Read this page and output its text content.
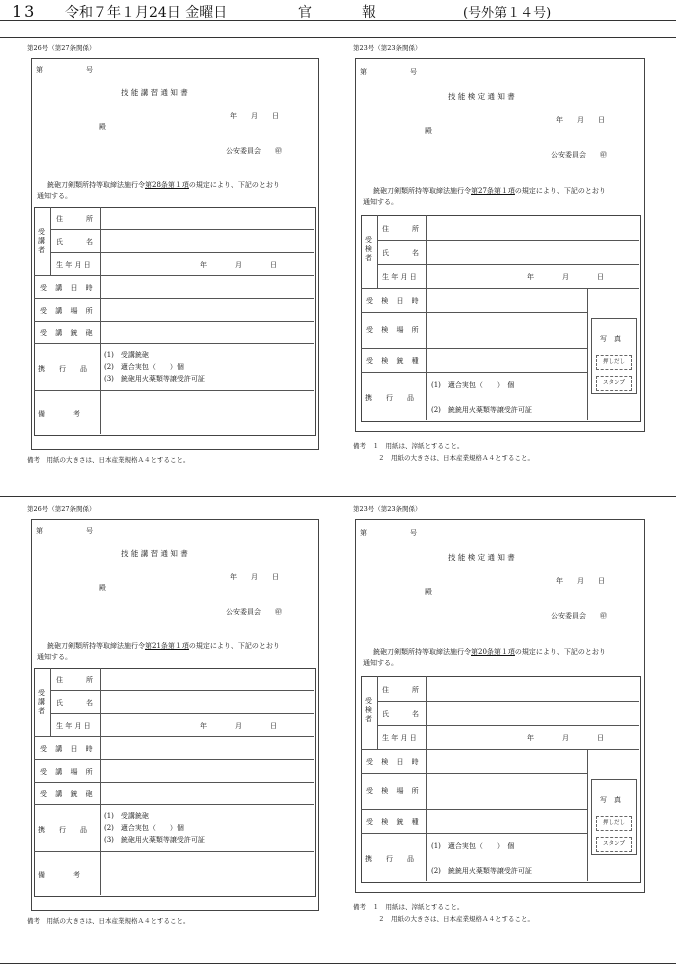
13 令和７年１月24日 金曜日	官	報	(号外第１４号)
第26号（第27条関係）
第	号
技 能 講 習 通 知 書
年　　月　　日
殿
公安委員会　　㊞
銃砲刀剣類所持等取締法施行令第28条第１項の規定により、下記のとおり
通知する。
受講者
住　　所
氏　　名
生 年 月 日	年　　　　月　　　　日
受 講 日 時
受 講 場 所
受 講 銃 砲
携　　行　　品
(1)　受講銃砲
(2)　適合実包（　　）個
(3)　銃砲用火薬類等譲受許可証
備　　　　考
備考　用紙の大きさは、日本産業規格Ａ４とすること。
第23号（第23条関係）
第	号
技 能 検 定 通 知 書
年　　月　　日
殿
公安委員会　　㊞
銃砲刀剣類所持等取締法施行令第27条第１項の規定により、下記のとおり
通知する。
写　真
押しだし
スタンプ
受検者
住　　所
氏　　名
生 年 月 日	年　　　　月　　　　日
受 検 日 時
受 検 場 所
受 検 銃 種
携　　行　　品
(1)　適合実包（　　）　個
(2)　銃銃用火薬類等譲受許可証
備考　１　用紙は、滓紙とすること。
２　用紙の大きさは、日本産業規格Ａ４とすること。
第26号（第27条関係）
第	号
技 能 講 習 通 知 書
年　　月　　日
殿
公安委員会　　㊞
銃砲刀剣類所持等取締法施行令第21条第１項の規定により、下記のとおり
通知する。
受講者
住　　所
氏　　名
生 年 月 日	年　　　　月　　　　日
受 講 日 時
受 講 場 所
受 講 銃 砲
携　　行　　品
(1)　受講銃砲
(2)　適合実包（　　）個
(3)　銃砲用火薬類等譲受許可証
備　　　　考
備考　用紙の大きさは、日本産業規格Ａ４とすること。
第23号（第23条関係）
第	号
技 能 検 定 通 知 書
年　　月　　日
殿
公安委員会　　㊞
銃砲刀剣類所持等取締法施行令第20条第１項の規定により、下記のとおり
通知する。
写　真
押しだし
スタンプ
受検者
住　　所
氏　　名
生 年 月 日	年　　　　月　　　　日
受 検 日 時
受 検 場 所
受 検 銃 種
携　　行　　品
(1)　適合実包（　　）　個
(2)　銃銃用火薬類等譲受許可証
備考　１　用紙は、滓紙とすること。
２　用紙の大きさは、日本産業規格Ａ４とすること。
